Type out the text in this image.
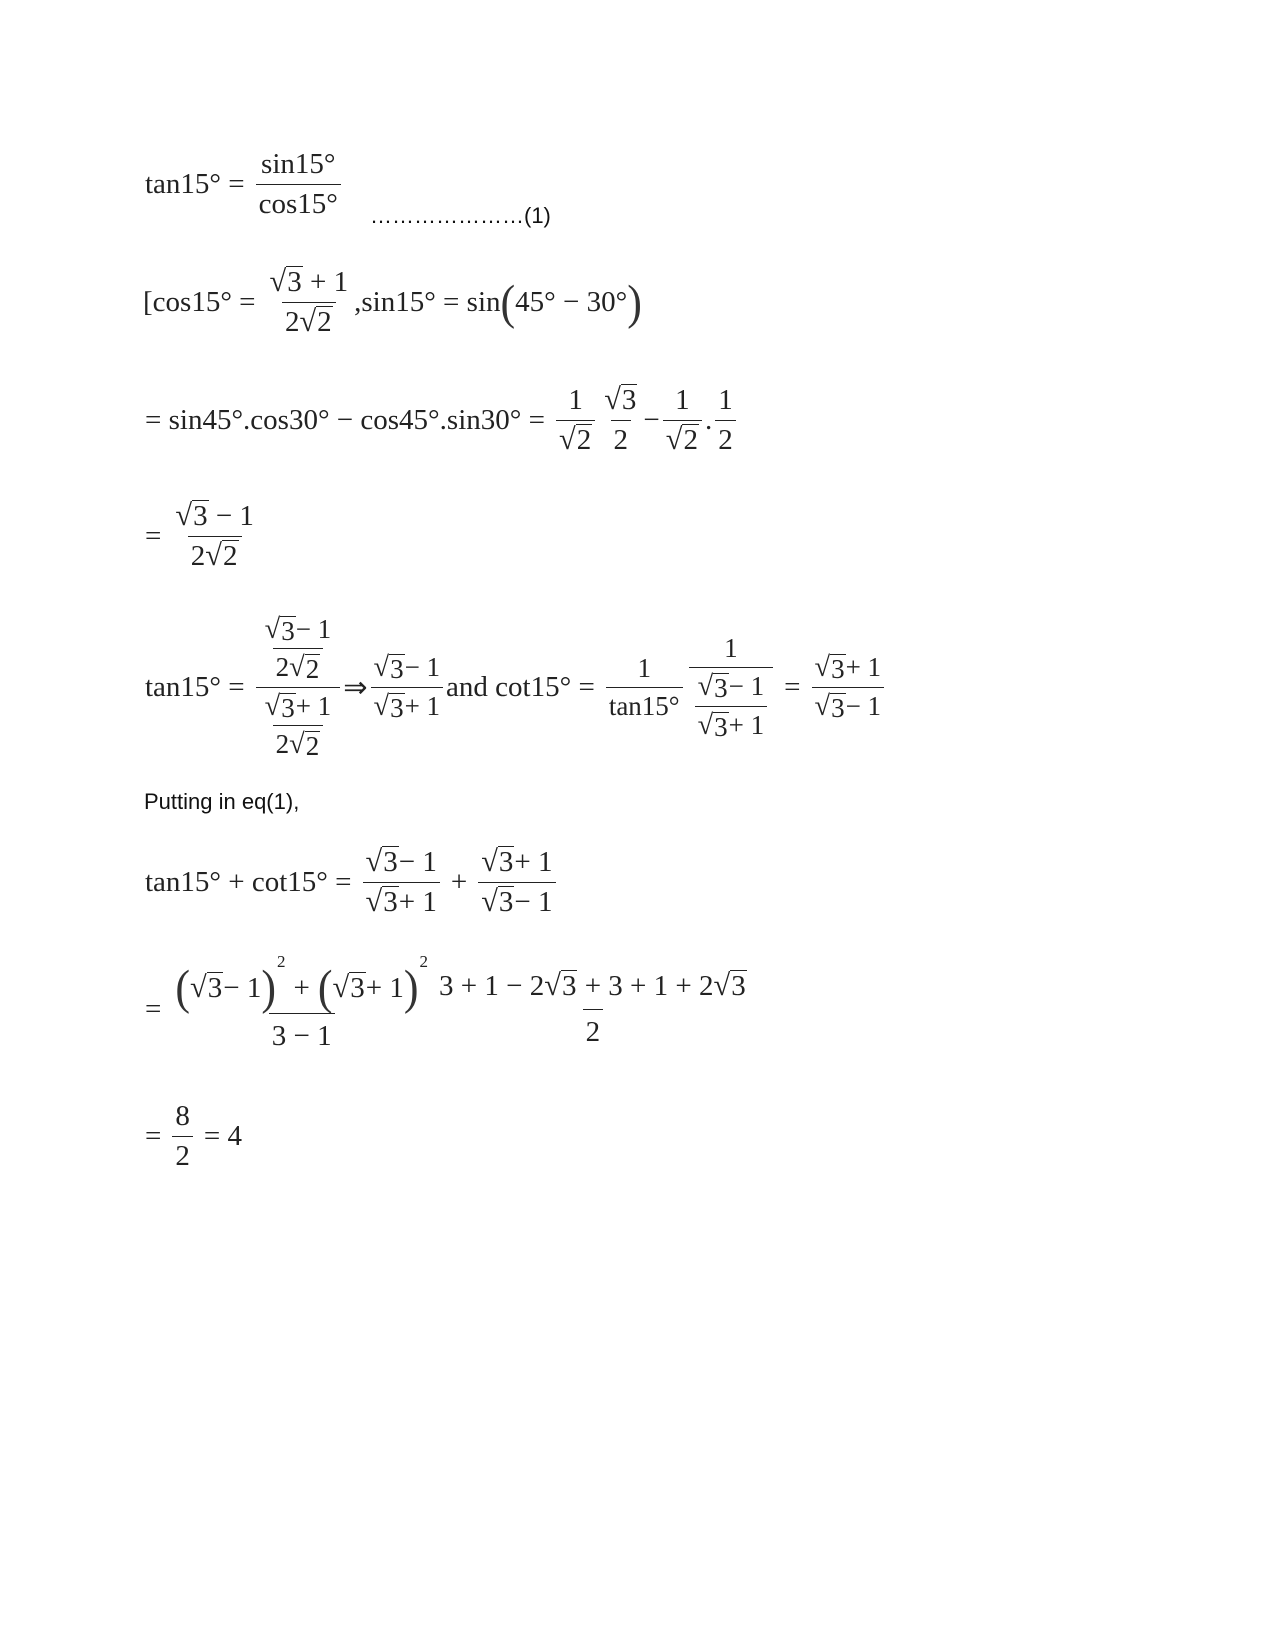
$\tan 15^\circ = \frac{\sin 15^\circ}{\cos 15^\circ}$ …………………(1)
[$\cos 15^\circ = \frac{√ 3 + 1}{2 √ 2} ,\sin 15^\circ = \sin$ ( 45° − 30° )
= $\sin 45^\circ.\cos 30^\circ - \cos 45^\circ.\sin 30^\circ = \frac{1}{√ 2} \frac{√ 3}{2} - \frac{1}{√ 2}$ . $\frac{1}{2}$
= $\frac{√ 3 - 1}{2 √ 2}$
$\tan 15^\circ = \frac{\frac{√ 3 - 1}{2 √ 2}}{\frac{√ 3 + 1}{2 √ 2}}$ ⇒ $\frac{√ 3 - 1}{√ 3 + 1}$ and $\cot 15^\circ = \frac{1}{\tan 15^\circ} \frac{1}{\frac{√ 3 - 1}{√ 3 + 1}} = \frac{√ 3 + 1}{√ 3 - 1}$
Putting in eq(1),
$\tan 15^\circ + \cot 15^\circ = \frac{√ 3 - 1}{√ 3 + 1} + \frac{√ 3 + 1}{√ 3 - 1}$
= ( √ 3 − 1 ) 2
+ ( √ 3 + 1 ) 2
3 − 1	$\frac{3 + 1 - 2 √ 3 + 3 + 1 + 2 √ 3}{2}$
= $\frac{8}{2} = 4$
